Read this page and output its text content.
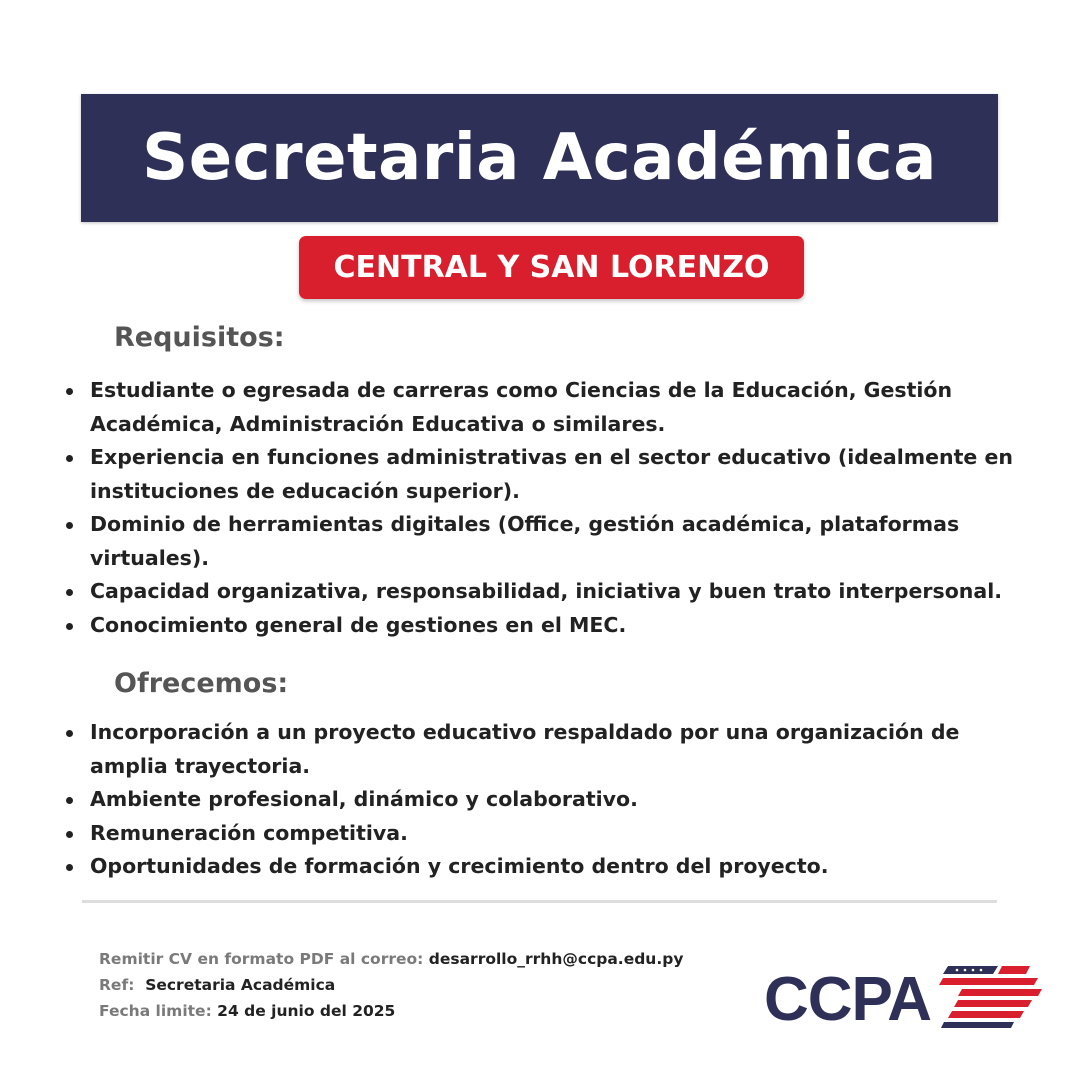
Secretaria Académica
CENTRAL Y SAN LORENZO
Requisitos:
Estudiante o egresada de carreras como Ciencias de la Educación, Gestión Académica, Administración Educativa o similares.
Experiencia en funciones administrativas en el sector educativo (idealmente en instituciones de educación superior).
Dominio de herramientas digitales (Office, gestión académica, plataformas virtuales).
Capacidad organizativa, responsabilidad, iniciativa y buen trato interpersonal.
Conocimiento general de gestiones en el MEC.
Ofrecemos:
Incorporación a un proyecto educativo respaldado por una organización de amplia trayectoria.
Ambiente profesional, dinámico y colaborativo.
Remuneración competitiva.
Oportunidades de formación y crecimiento dentro del proyecto.
Remitir CV en formato PDF al correo: desarrollo_rrhh@ccpa.edu.py
Ref: Secretaria Académica
Fecha limite: 24 de junio del 2025	CCPA
